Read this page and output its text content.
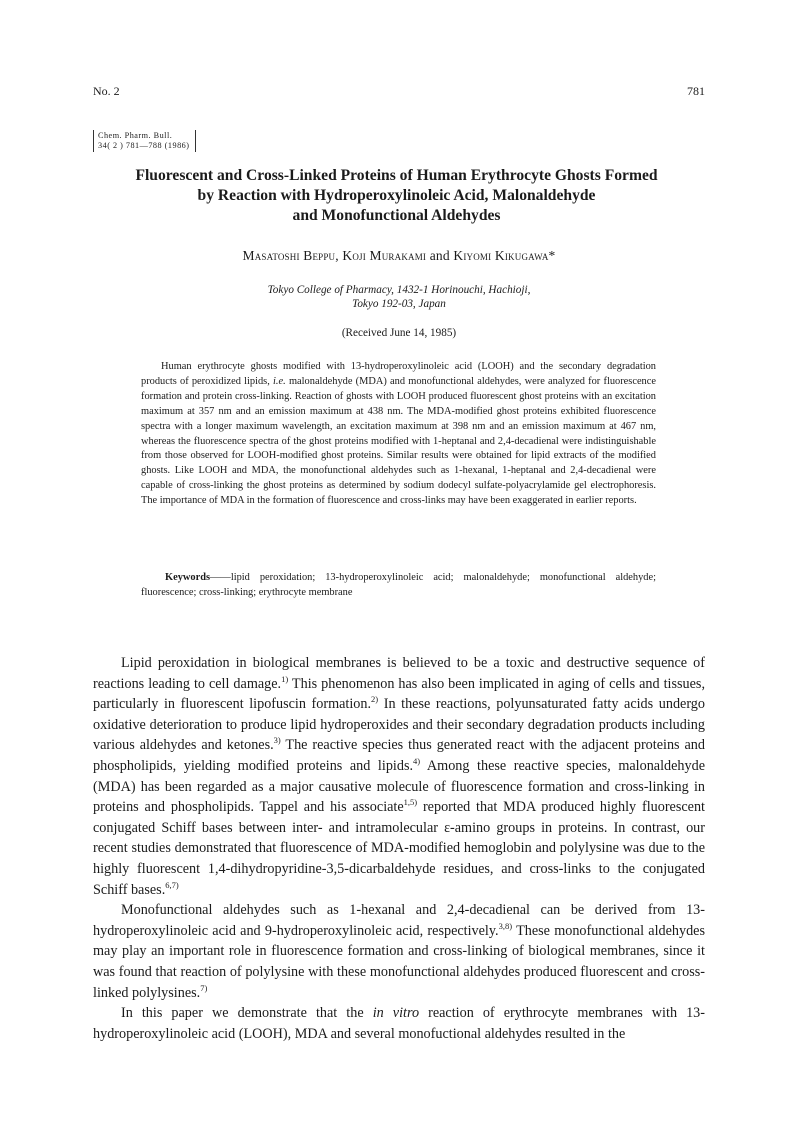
No. 2	781
Chem. Pharm. Bull.
34( 2 ) 781—788 (1986)
Fluorescent and Cross-Linked Proteins of Human Erythrocyte Ghosts Formed
by Reaction with Hydroperoxylinoleic Acid, Malonaldehyde
and Monofunctional Aldehydes
Masatoshi Beppu, Koji Murakami and Kiyomi Kikugawa*
Tokyo College of Pharmacy, 1432-1 Horinouchi, Hachioji,
Tokyo 192-03, Japan
(Received June 14, 1985)

Human erythrocyte ghosts modified with 13-hydroperoxylinoleic acid (LOOH) and the secondary degradation products of peroxidized lipids, i.e. malonaldehyde (MDA) and monofunctional aldehydes, were analyzed for fluorescence formation and protein cross-linking. Reaction of ghosts with LOOH produced fluorescent ghost proteins with an excitation maximum at 357 nm and an emission maximum at 438 nm. The MDA-modified ghost proteins exhibited fluorescence spectra with a longer maximum wavelength, an excitation maximum at 398 nm and an emission maximum at 467 nm, whereas the fluorescence spectra of the ghost proteins modified with 1-heptanal and 2,4-decadienal were indistinguishable from those observed for LOOH-modified ghost proteins. Similar results were obtained for lipid extracts of the modified ghosts. Like LOOH and MDA, the monofunctional aldehydes such as 1-hexanal, 1-heptanal and 2,4-decadienal were capable of cross-linking the ghost proteins as determined by sodium dodecyl sulfate-polyacrylamide gel electrophoresis. The importance of MDA in the formation of fluorescence and cross-links may have been exaggerated in earlier reports.

Keywords——lipid peroxidation; 13-hydroperoxylinoleic acid; malonaldehyde; monofunctional aldehyde; fluorescence; cross-linking; erythrocyte membrane

Lipid peroxidation in biological membranes is believed to be a toxic and destructive sequence of reactions leading to cell damage.$^{1)}$ This phenomenon has also been implicated in aging of cells and tissues, particularly in fluorescent lipofuscin formation.$^{2)}$ In these reactions, polyunsaturated fatty acids undergo oxidative deterioration to produce lipid hydroperoxides and their secondary degradation products including various aldehydes and ketones.$^{3)}$ The reactive species thus generated react with the adjacent proteins and phospholipids, yielding modified proteins and lipids.$^{4)}$ Among these reactive species, malonaldehyde (MDA) has been regarded as a major causative molecule of fluorescence formation and cross-linking in proteins and phospholipids. Tappel and his associate$^{1,5)}$ reported that MDA produced highly fluorescent conjugated Schiff bases between inter- and intramolecular ε-amino groups in proteins. In contrast, our recent studies demonstrated that fluorescence of MDA-modified hemoglobin and polylysine was due to the highly fluorescent 1,4-dihydropyridine-3,5-dicarbaldehyde residues, and cross-links to the conjugated Schiff bases.$^{6,7)}$

Monofunctional aldehydes such as 1-hexanal and 2,4-decadienal can be derived from 13-hydroperoxylinoleic acid and 9-hydroperoxylinoleic acid, respectively.$^{3,8)}$ These monofunctional aldehydes may play an important role in fluorescence formation and cross-linking of biological membranes, since it was found that reaction of polylysine with these monofunctional aldehydes produced fluorescent and cross-linked polylysines.$^{7)}$

In this paper we demonstrate that the in vitro reaction of erythrocyte membranes with 13-hydroperoxylinoleic acid (LOOH), MDA and several monofuctional aldehydes resulted in the
